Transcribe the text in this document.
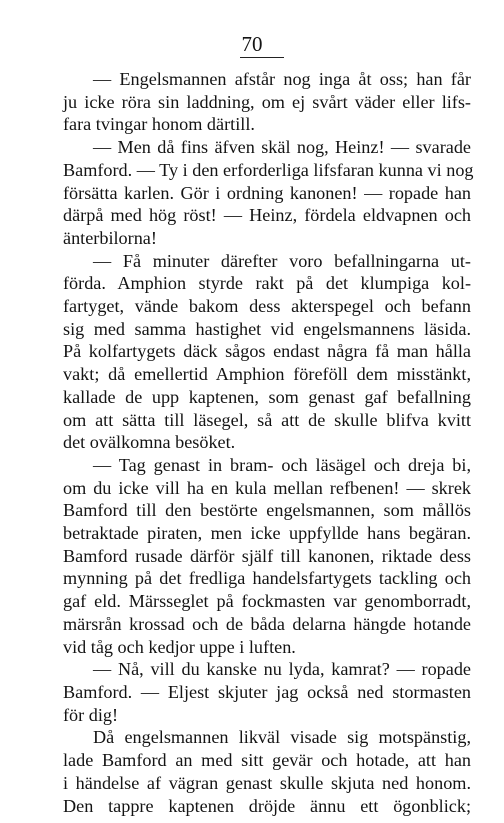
70
— Engelsmannen afstår nog inga åt oss; han får
ju icke röra sin laddning, om ej svårt väder eller lifs-
fara tvingar honom därtill.
— Men då fins äfven skäl nog, Heinz! — svarade
Bamford. — Ty i den erforderliga lifsfaran kunna vi nog
försätta karlen. Gör i ordning kanonen! — ropade han
därpå med hög röst! — Heinz, fördela eldvapnen och
änterbilorna!
— Få minuter därefter voro befallningarna ut-
förda. Amphion styrde rakt på det klumpiga kol-
fartyget, vände bakom dess akterspegel och befann
sig med samma hastighet vid engelsmannens läsida.
På kolfartygets däck sågos endast några få man hålla
vakt; då emellertid Amphion föreföll dem misstänkt,
kallade de upp kaptenen, som genast gaf befallning
om att sätta till läsegel, så att de skulle blifva kvitt
det ovälkomna besöket.
— Tag genast in bram- och läsägel och dreja bi,
om du icke vill ha en kula mellan refbenen! — skrek
Bamford till den bestörte engelsmannen, som mållös
betraktade piraten, men icke uppfyllde hans begäran.
Bamford rusade därför själf till kanonen, riktade dess
mynning på det fredliga handelsfartygets tackling och
gaf eld. Märsseglet på fockmasten var genomborradt,
märsrån krossad och de båda delarna hängde hotande
vid tåg och kedjor uppe i luften.
— Nå, vill du kanske nu lyda, kamrat? — ropade
Bamford. — Eljest skjuter jag också ned stormasten
för dig!
Då engelsmannen likväl visade sig motspänstig,
lade Bamford an med sitt gevär och hotade, att han
i händelse af vägran genast skulle skjuta ned honom.
Den tappre kaptenen dröjde ännu ett ögonblick;
